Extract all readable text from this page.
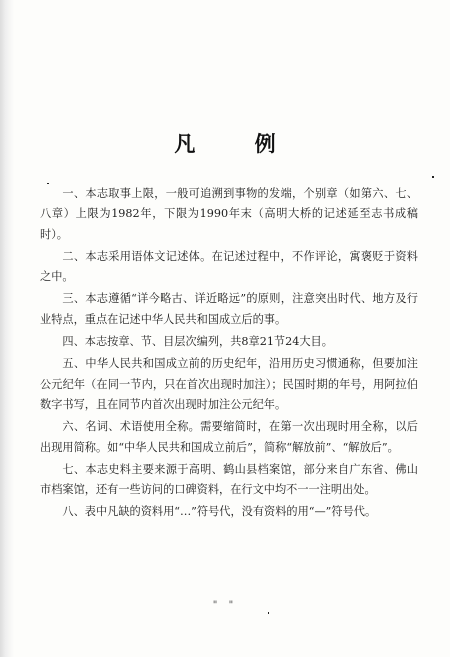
凡 例

一、本志取事上限，一般可追溯到事物的发端，个别章（如第六、七、八章）上限为1982年，下限为1990年末（高明大桥的记述延至志书成稿时）。

二、本志采用语体文记述体。在记述过程中，不作评论，寓褒贬于资料之中。

三、本志遵循“详今略古、详近略远”的原则，注意突出时代、地方及行业特点，重点在记述中华人民共和国成立后的事。

四、本志按章、节、目层次编列，共8章21节24大目。

五、中华人民共和国成立前的历史纪年，沿用历史习惯通称，但要加注公元纪年（在同一节内，只在首次出现时加注）；民国时期的年号，用阿拉伯数字书写，且在同节内首次出现时加注公元纪年。

六、名词、术语使用全称。需要缩简时，在第一次出现时用全称，以后出现用简称。如“中华人民共和国成立前后”，简称“解放前”、“解放后”。

七、本志史料主要来源于高明、鹤山县档案馆，部分来自广东省、佛山市档案馆，还有一些访问的口碑资料，在行文中均不一一注明出处。

八、表中凡缺的资料用“…”符号代，没有资料的用“—”符号代。

" "
